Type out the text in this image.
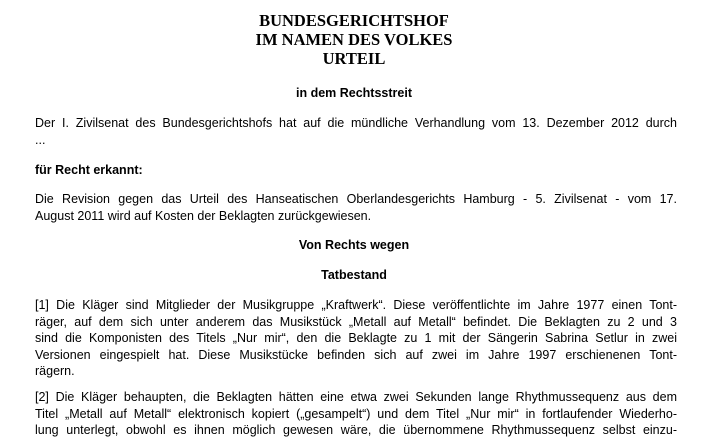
BUNDESGERICHTSHOF
IM NAMEN DES VOLKES
URTEIL
in dem Rechtsstreit
Der I. Zivilsenat des Bundesgerichtshofs hat auf die mündliche Verhandlung vom 13. Dezember 2012 durch
...
für Recht erkannt:
Die Revision gegen das Urteil des Hanseatischen Oberlandesgerichts Hamburg - 5. Zivilsenat - vom 17.
August 2011 wird auf Kosten der Beklagten zurückgewiesen.
Von Rechts wegen
Tatbestand
[1] Die Kläger sind Mitglieder der Musikgruppe „Kraftwerk“. Diese veröffentlichte im Jahre 1977 einen Tont-
räger, auf dem sich unter anderem das Musikstück „Metall auf Metall“ befindet. Die Beklagten zu 2 und 3
sind die Komponisten des Titels „Nur mir“, den die Beklagte zu 1 mit der Sängerin Sabrina Setlur in zwei
Versionen eingespielt hat. Diese Musikstücke befinden sich auf zwei im Jahre 1997 erschienenen Tont-
rägern.
[2] Die Kläger behaupten, die Beklagten hätten eine etwa zwei Sekunden lange Rhythmussequenz aus dem
Titel „Metall auf Metall“ elektronisch kopiert („gesampelt“) und dem Titel „Nur mir“ in fortlaufender Wiederho-
lung unterlegt, obwohl es ihnen möglich gewesen wäre, die übernommene Rhythmussequenz selbst einzu-
